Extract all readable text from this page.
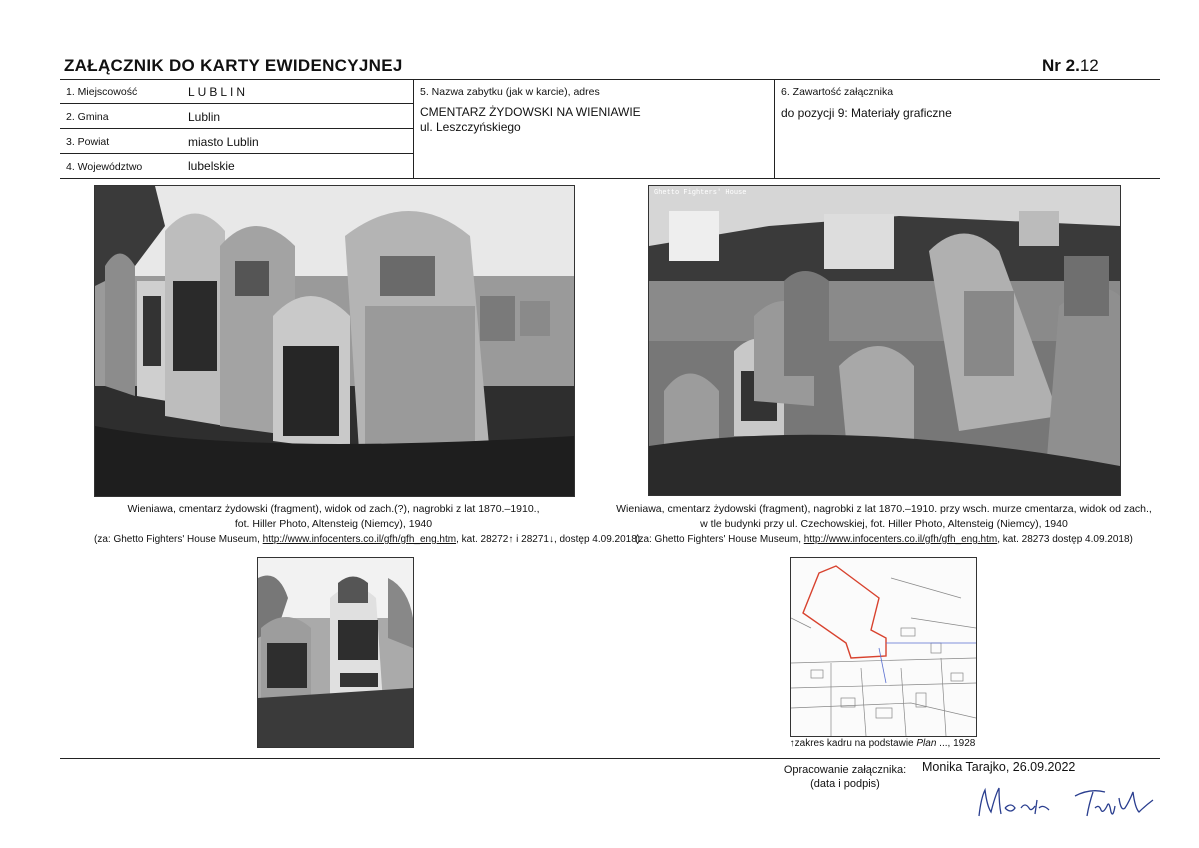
ZAŁĄCZNIK DO KARTY EWIDENCYJNEJ	Nr 2.12
1. Miejscowość	LUBLIN
2. Gmina	Lublin
3. Powiat	miasto Lublin
4. Województwo	lubelskie
5. Nazwa zabytku (jak w karcie), adres
CMENTARZ ŻYDOWSKI NA WIENIAWIE
ul. Leszczyńskiego
6. Zawartość załącznika
do pozycji 9: Materiały graficzne
Ghetto Fighters' House
Wieniawa, cmentarz żydowski (fragment), widok od zach.(?), nagrobki z lat 1870.–1910.,
fot. Hiller Photo, Altensteig (Niemcy), 1940
(za: Ghetto Fighters' House Museum, http://www.infocenters.co.il/gfh/gfh_eng.htm, kat. 28272↑ i 28271↓, dostęp 4.09.2018)
Wieniawa, cmentarz żydowski (fragment), nagrobki z lat 1870.–1910. przy wsch. murze cmentarza, widok od zach.,
w tle budynki przy ul. Czechowskiej, fot. Hiller Photo, Altensteig (Niemcy), 1940
(za: Ghetto Fighters' House Museum, http://www.infocenters.co.il/gfh/gfh_eng.htm, kat. 28273 dostęp 4.09.2018)
↑zakres kadru na podstawie Plan ..., 1928
Opracowanie załącznika:
(data i podpis)
Monika Tarajko, 26.09.2022
